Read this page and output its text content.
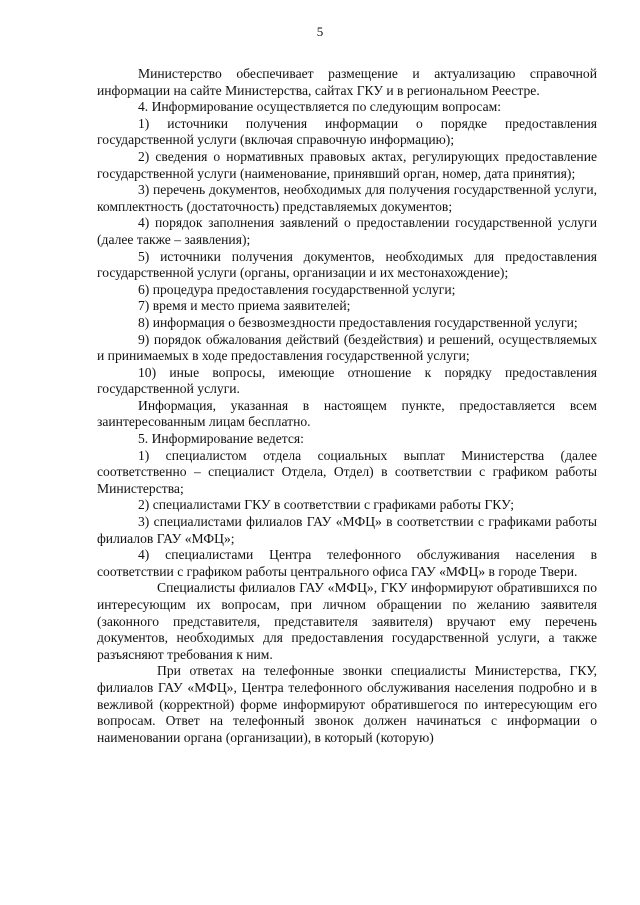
5

Министерство обеспечивает размещение и актуализацию справочной информации на сайте Министерства, сайтах ГКУ и в региональном Реестре.

4. Информирование осуществляется по следующим вопросам:

1) источники получения информации о порядке предоставления государственной услуги (включая справочную информацию);

2) сведения о нормативных правовых актах, регулирующих предоставление государственной услуги (наименование, принявший орган, номер, дата принятия);

3) перечень документов, необходимых для получения государственной услуги, комплектность (достаточность) представляемых документов;

4) порядок заполнения заявлений о предоставлении государственной услуги (далее также – заявления);

5) источники получения документов, необходимых для предоставления государственной услуги (органы, организации и их местонахождение);

6) процедура предоставления государственной услуги;

7) время и место приема заявителей;

8) информация о безвозмездности предоставления государственной услуги;

9) порядок обжалования действий (бездействия) и решений, осуществляемых и принимаемых в ходе предоставления государственной услуги;

10) иные вопросы, имеющие отношение к порядку предоставления государственной услуги.

Информация, указанная в настоящем пункте, предоставляется всем заинтересованным лицам бесплатно.

5. Информирование ведется:

1) специалистом отдела социальных выплат Министерства (далее соответственно – специалист Отдела, Отдел) в соответствии с графиком работы Министерства;

2) специалистами ГКУ в соответствии с графиками работы ГКУ;

3) специалистами филиалов ГАУ «МФЦ» в соответствии с графиками работы филиалов ГАУ «МФЦ»;

4) специалистами Центра телефонного обслуживания населения в соответствии с графиком работы центрального офиса ГАУ «МФЦ» в городе Твери.

Специалисты филиалов ГАУ «МФЦ», ГКУ информируют обратившихся по интересующим их вопросам, при личном обращении по желанию заявителя (законного представителя, представителя заявителя) вручают ему перечень документов, необходимых для предоставления государственной услуги, а также разъясняют требования к ним.

При ответах на телефонные звонки специалисты Министерства, ГКУ, филиалов ГАУ «МФЦ», Центра телефонного обслуживания населения подробно и в вежливой (корректной) форме информируют обратившегося по интересующим его вопросам. Ответ на телефонный звонок должен начинаться с информации о наименовании органа (организации), в который (которую)
